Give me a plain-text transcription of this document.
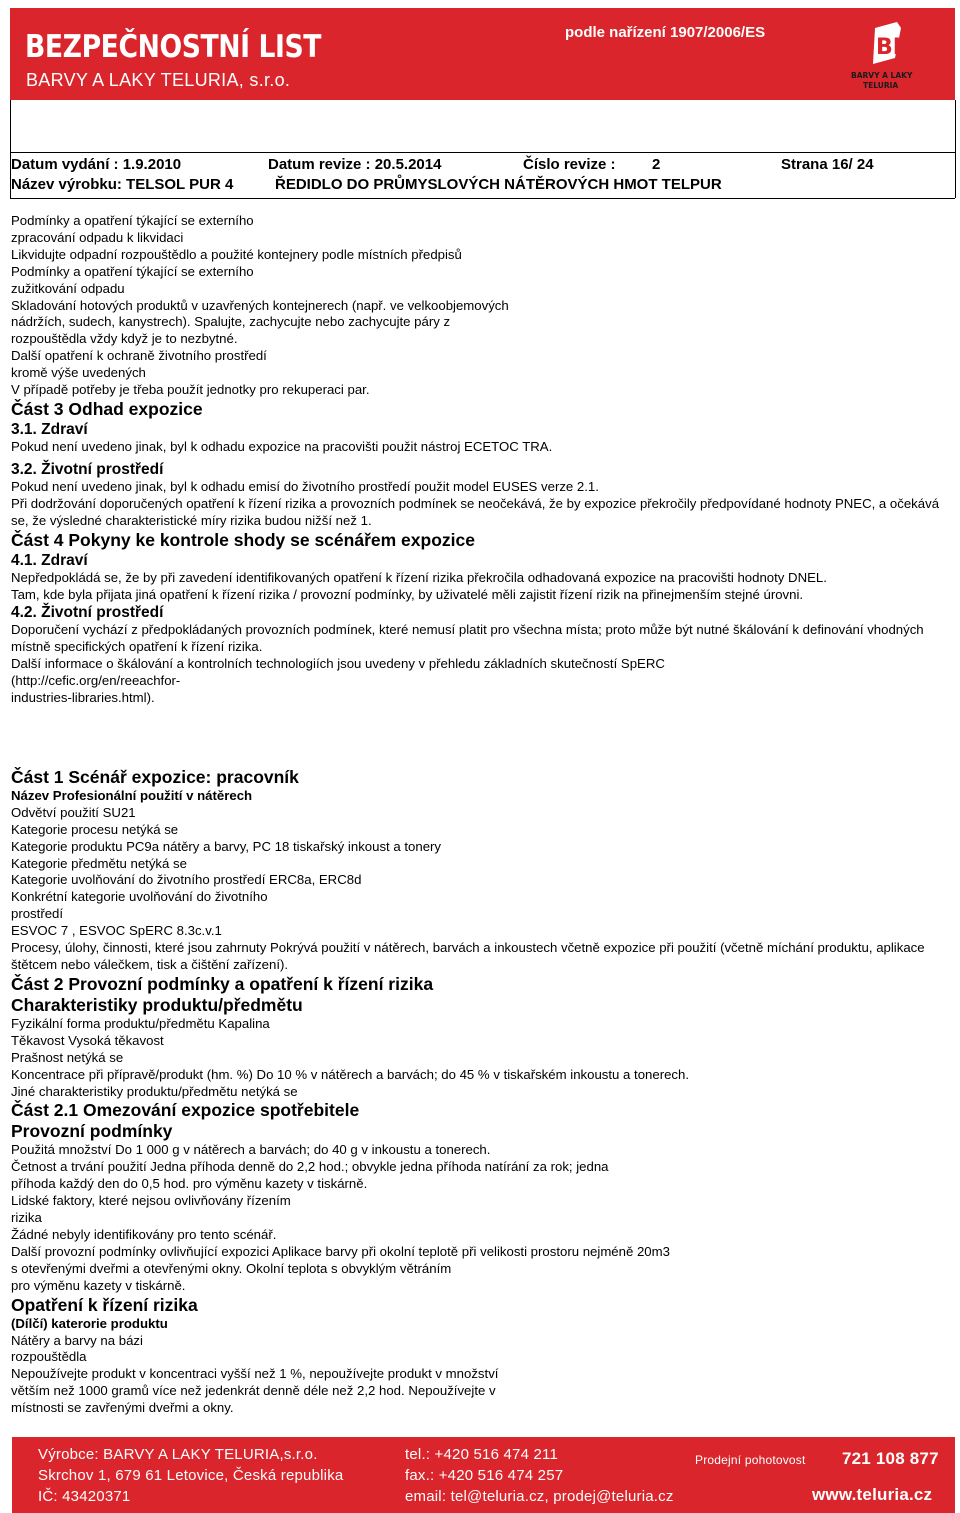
BEZPEČNOSTNÍ LIST
BARVY A LAKY TELURIA, s.r.o.
podle nařízení 1907/2006/ES
BL
BARVY A LAKY
TELURIA
Datum vydání : 1.9.2010	Datum revize : 20.5.2014	Číslo revize : 2	Strana 16/ 24
Název výrobku: TELSOL PUR 4	ŘEDIDLO DO PRŮMYSLOVÝCH NÁTĚROVÝCH HMOT TELPUR

Podmínky a opatření týkající se externího

zpracování odpadu k likvidaci

Likvidujte odpadní rozpouštědlo a použité kontejnery podle místních předpisů

Podmínky a opatření týkající se externího

zužitkování odpadu

Skladování hotových produktů v uzavřených kontejnerech (např. ve velkoobjemových

nádržích, sudech, kanystrech). Spalujte, zachycujte nebo zachycujte páry z

rozpouštědla vždy když je to nezbytné.

Další opatření k ochraně životního prostředí

kromě výše uvedených

V případě potřeby je třeba použít jednotky pro rekuperaci par.

Část 3 Odhad expozice

3.1. Zdraví

Pokud není uvedeno jinak, byl k odhadu expozice na pracovišti použit nástroj ECETOC TRA.

3.2. Životní prostředí

Pokud není uvedeno jinak, byl k odhadu emisí do životního prostředí použit model EUSES verze 2.1.

Při dodržování doporučených opatření k řízení rizika a provozních podmínek se neočekává, že by expozice překročily předpovídané hodnoty PNEC, a očekává se, že výsledné charakteristické míry rizika budou nižší než 1.

Část 4 Pokyny ke kontrole shody se scénářem expozice

4.1. Zdraví

Nepředpokládá se, že by při zavedení identifikovaných opatření k řízení rizika překročila odhadovaná expozice na pracovišti hodnoty DNEL.

Tam, kde byla přijata jiná opatření k řízení rizika / provozní podmínky, by uživatelé měli zajistit řízení rizik na přinejmenším stejné úrovni.

4.2. Životní prostředí

Doporučení vychází z předpokládaných provozních podmínek, které nemusí platit pro všechna místa; proto může být nutné škálování k definování vhodných místně specifických opatření k řízení rizika.

Další informace o škálování a kontrolních technologiích jsou uvedeny v přehledu základních skutečností SpERC

(http://cefic.org/en/reeachfor-

industries-libraries.html).

Část 1 Scénář expozice: pracovník

Název Profesionální použití v nátěrech

Odvětví použití SU21

Kategorie procesu netýká se

Kategorie produktu PC9a nátěry a barvy, PC 18 tiskařský inkoust a tonery

Kategorie předmětu netýká se

Kategorie uvolňování do životního prostředí ERC8a, ERC8d

Konkrétní kategorie uvolňování do životního

prostředí

ESVOC 7 , ESVOC SpERC 8.3c.v.1

Procesy, úlohy, činnosti, které jsou zahrnuty Pokrývá použití v nátěrech, barvách a inkoustech včetně expozice při použití (včetně míchání produktu, aplikace štětcem nebo válečkem, tisk a čištění zařízení).

Část 2 Provozní podmínky a opatření k řízení rizika

Charakteristiky produktu/předmětu

Fyzikální forma produktu/předmětu Kapalina

Těkavost Vysoká těkavost

Prašnost netýká se

Koncentrace při přípravě/produkt (hm. %) Do 10 % v nátěrech a barvách; do 45 % v tiskařském inkoustu a tonerech.

Jiné charakteristiky produktu/předmětu netýká se

Část 2.1 Omezování expozice spotřebitele

Provozní podmínky

Použitá množství Do 1 000 g v nátěrech a barvách; do 40 g v inkoustu a tonerech.

Četnost a trvání použití Jedna příhoda denně do 2,2 hod.; obvykle jedna příhoda natírání za rok; jedna

příhoda každý den do 0,5 hod. pro výměnu kazety v tiskárně.

Lidské faktory, které nejsou ovlivňovány řízením

rizika

Žádné nebyly identifikovány pro tento scénář.

Další provozní podmínky ovlivňující expozici Aplikace barvy při okolní teplotě při velikosti prostoru nejméně 20m3

s otevřenými dveřmi a otevřenými okny. Okolní teplota s obvyklým větráním

pro výměnu kazety v tiskárně.

Opatření k řízení rizika

(Dílčí) katerorie produktu

Nátěry a barvy na bázi

rozpouštědla

Nepoužívejte produkt v koncentraci vyšší než 1 %, nepoužívejte produkt v množství

větším než 1000 gramů více než jedenkrát denně déle než 2,2 hod. Nepoužívejte v

místnosti se zavřenými dveřmi a okny.

Výrobce: BARVY A LAKY TELURIA,s.r.o.
Skrchov 1, 679 61 Letovice, Česká republika
IČ: 43420371
tel.: +420 516 474 211
fax.: +420 516 474 257
email: tel@teluria.cz, prodej@teluria.cz
Prodejní pohotovost 721 108 877
www.teluria.cz
